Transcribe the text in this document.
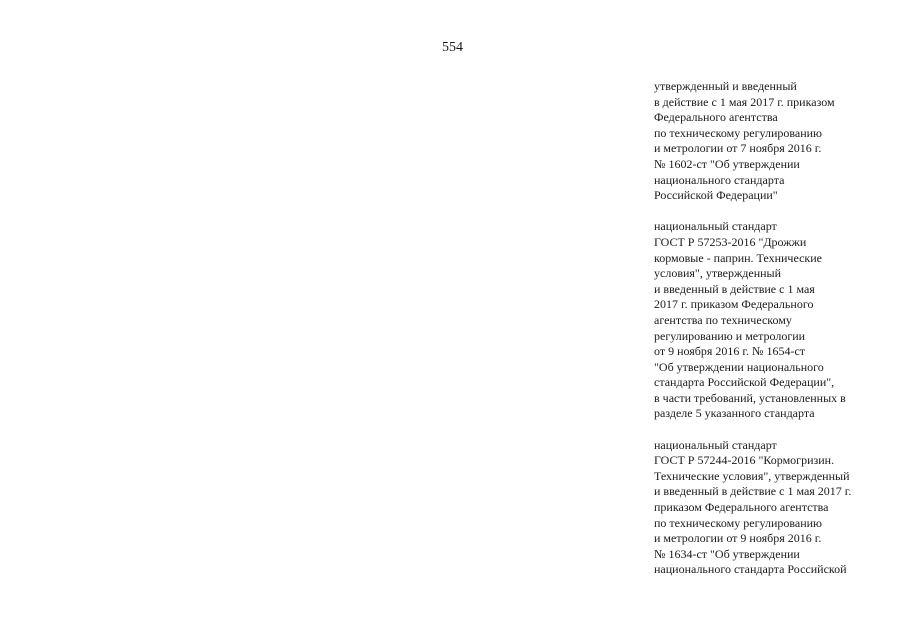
554
утвержденный и введенный
в действие с 1 мая 2017 г. приказом
Федерального агентства
по техническому регулированию
и метрологии от 7 ноября 2016 г.
№ 1602-ст "Об утверждении
национального стандарта
Российской Федерации"
национальный стандарт
ГОСТ Р 57253-2016 "Дрожжи
кормовые - паприн. Технические
условия", утвержденный
и введенный в действие с 1 мая
2017 г. приказом Федерального
агентства по техническому
регулированию и метрологии
от 9 ноября 2016 г. № 1654-ст
"Об утверждении национального
стандарта Российской Федерации",
в части требований, установленных в
разделе 5 указанного стандарта
национальный стандарт
ГОСТ Р 57244-2016 "Кормогризин.
Технические условия", утвержденный
и введенный в действие с 1 мая 2017 г.
приказом Федерального агентства
по техническому регулированию
и метрологии от 9 ноября 2016 г.
№ 1634-ст "Об утверждении
национального стандарта Российской
